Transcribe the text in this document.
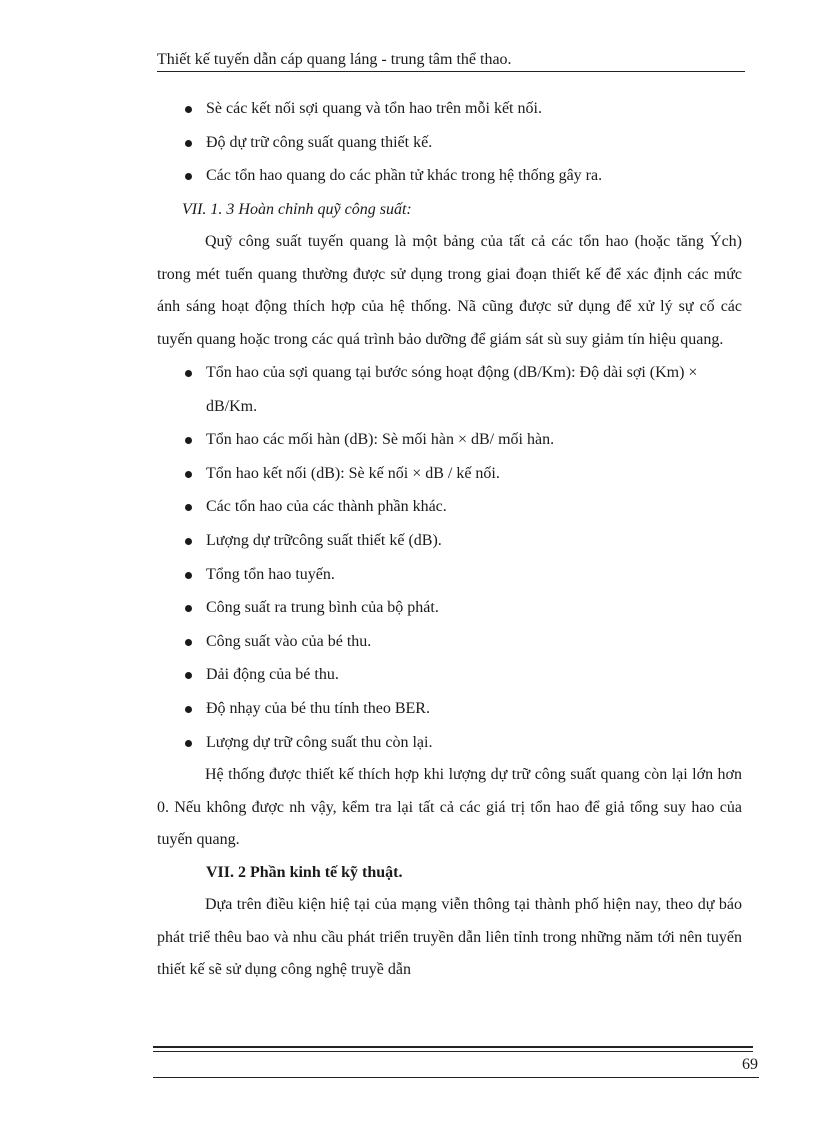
Thiết kế tuyến dẫn cáp quang láng - trung tâm thể thao.
Sè các kết nối sợi quang và tổn hao trên mỗi kết nối.
Độ dự trữ công suất quang thiết kế.
Các tổn hao quang do các phần tử khác trong hệ thống gây ra.

VII. 1. 3 Hoàn chỉnh quỹ công suất:

Quỹ công suất tuyến quang là một bảng của tất cả các tổn hao (hoặc tăng Ých) trong mét tuến quang thường được sử dụng trong giai đoạn thiết kế để xác định các mức ánh sáng hoạt động thích hợp của hệ thống. Nã cũng được sử dụng để xử lý sự cố các tuyến quang hoặc trong các quá trình bảo dưỡng để giám sát sù suy giảm tín hiệu quang.

Tổn hao của sợi quang tại bước sóng hoạt động (dB/Km): Độ dài sợi (Km) × dB/Km.
Tổn hao các mối hàn (dB): Sè mối hàn × dB/ mối hàn.
Tổn hao kết nối (dB): Sè kế nối × dB / kế nối.
Các tổn hao của các thành phần khác.
Lượng dự trữcông suất thiết kế (dB).
Tổng tổn hao tuyến.
Công suất ra trung bình của bộ phát.
Công suất vào của bé thu.
Dải động của bé thu.
Độ nhạy của bé thu tính theo BER.
Lượng dự trữ công suất thu còn lại.

Hệ thống được thiết kế thích hợp khi lượng dự trữ công suất quang còn lại lớn hơn 0. Nếu không được nh vậy, kểm tra lại tất cả các giá trị tổn hao để giả tổng suy hao của tuyến quang.

VII. 2 Phần kinh tế kỹ thuật.

Dựa trên điều kiện hiệ tại của mạng viễn thông tại thành phố hiện nay, theo dự báo phát triể thêu bao và nhu cầu phát triển truyền dẫn liên tỉnh trong những năm tới nên tuyến thiết kế sẽ sử dụng công nghệ truyề dẫn

69
